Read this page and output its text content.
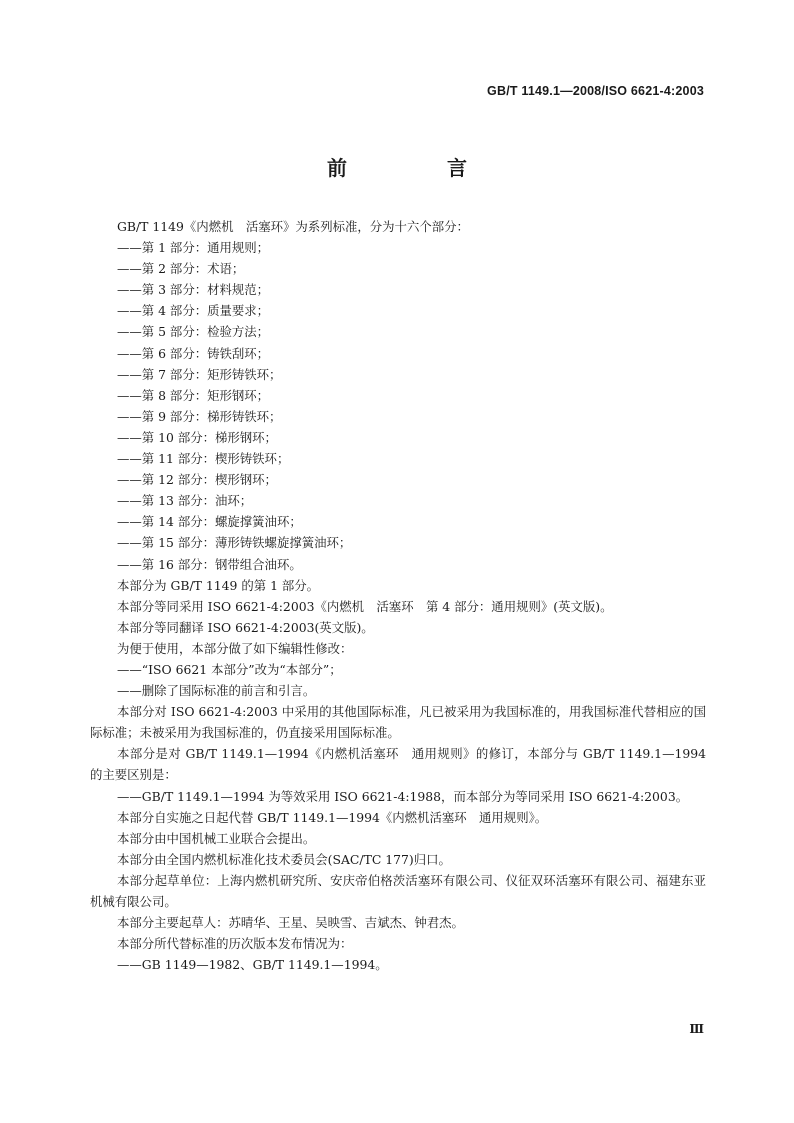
GB/T 1149.1—2008/ISO 6621-4:2003
前　言

GB/T 1149《内燃机　活塞环》为系列标准，分为十六个部分：

——第 1 部分：通用规则；

——第 2 部分：术语；

——第 3 部分：材料规范；

——第 4 部分：质量要求；

——第 5 部分：检验方法；

——第 6 部分：铸铁刮环；

——第 7 部分：矩形铸铁环；

——第 8 部分：矩形钢环；

——第 9 部分：梯形铸铁环；

——第 10 部分：梯形钢环；

——第 11 部分：楔形铸铁环；

——第 12 部分：楔形钢环；

——第 13 部分：油环；

——第 14 部分：螺旋撑簧油环；

——第 15 部分：薄形铸铁螺旋撑簧油环；

——第 16 部分：钢带组合油环。

本部分为 GB/T 1149 的第 1 部分。

本部分等同采用 ISO 6621-4:2003《内燃机　活塞环　第 4 部分：通用规则》(英文版)。

本部分等同翻译 ISO 6621-4:2003(英文版)。

为便于使用，本部分做了如下编辑性修改：

——“ISO 6621 本部分”改为“本部分”；

——删除了国际标准的前言和引言。

本部分对 ISO 6621-4:2003 中采用的其他国际标准，凡已被采用为我国标准的，用我国标准代替相应的国际标准；未被采用为我国标准的，仍直接采用国际标准。

本部分是对 GB/T 1149.1—1994《内燃机活塞环　通用规则》的修订，本部分与 GB/T 1149.1—1994 的主要区别是：

——GB/T 1149.1—1994 为等效采用 ISO 6621-4:1988，而本部分为等同采用 ISO 6621-4:2003。

本部分自实施之日起代替 GB/T 1149.1—1994《内燃机活塞环　通用规则》。

本部分由中国机械工业联合会提出。

本部分由全国内燃机标准化技术委员会(SAC/TC 177)归口。

本部分起草单位：上海内燃机研究所、安庆帝伯格茨活塞环有限公司、仪征双环活塞环有限公司、福建东亚机械有限公司。

本部分主要起草人：苏晴华、王星、吴映雪、吉斌杰、钟君杰。

本部分所代替标准的历次版本发布情况为：

——GB 1149—1982、GB/T 1149.1—1994。

Ⅲ
